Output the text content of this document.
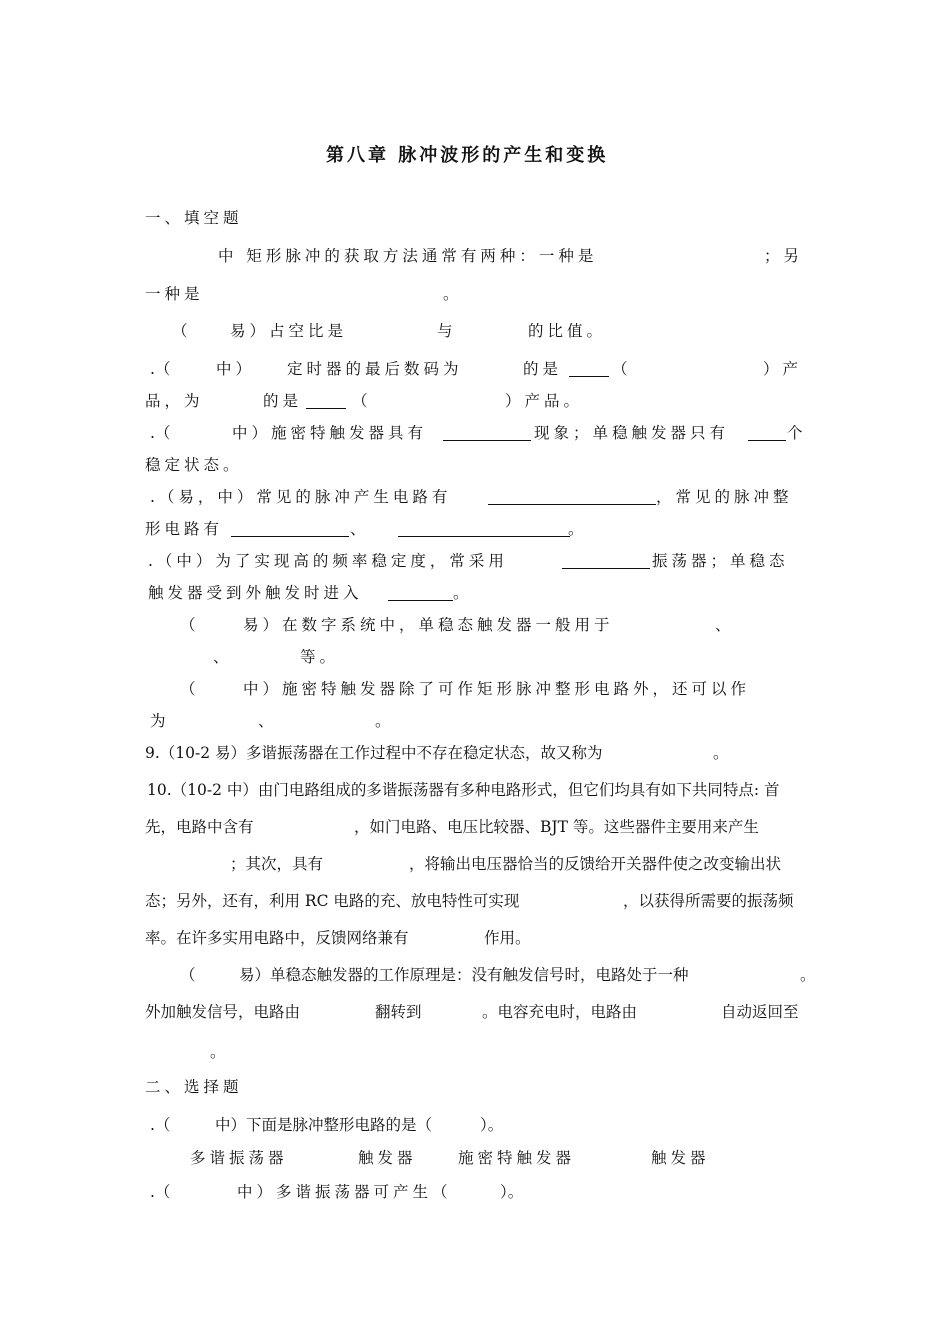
第八章 脉冲波形的产生和变换
一、填空题
中 矩形脉冲的获取方法通常有两种：一种是	；另
一种是	。
（	易）占空比是	与	的比值。
.（	中） 定时器的最后数码为	的是	（	）产
品，为	的是	（	）产品。
.（	中）施密特触发器具有	现象；单稳触发器只有	个
稳定状态。
.（易，中）常见的脉冲产生电路有	，常见的脉冲整
形电路有	、	。
.（中）为了实现高的频率稳定度，常采用	振荡器；单稳态
触发器受到外触发时进入	。
（	易）在数字系统中，单稳态触发器一般用于	、
、	等。
（	中）施密特触发器除了可作矩形脉冲整形电路外，还可以作
为	、	。
9.（10-2 易）多谐振荡器在工作过程中不存在稳定状态，故又称为	。
10.（10-2 中）由门电路组成的多谐振荡器有多种电路形式，但它们均具有如下共同特点: 首
先，电路中含有	，如门电路、电压比较器、BJT 等。这些器件主要用来产生
；其次，具有	，将输出电压器恰当的反馈给开关器件使之改变输出状
态；另外，还有，利用 RC 电路的充、放电特性可实现	，以获得所需要的振荡频
率。在许多实用电路中，反馈网络兼有	作用。
（	易）单稳态触发器的工作原理是：没有触发信号时，电路处于一种	。
外加触发信号，电路由	翻转到	。电容充电时，电路由	自动返回至
。
二、选择题
.（	中）下面是脉冲整形电路的是（	）。
多谐振荡器	触发器	施密特触发器	触发器
.（	中）多谐振荡器可产生（	）。
